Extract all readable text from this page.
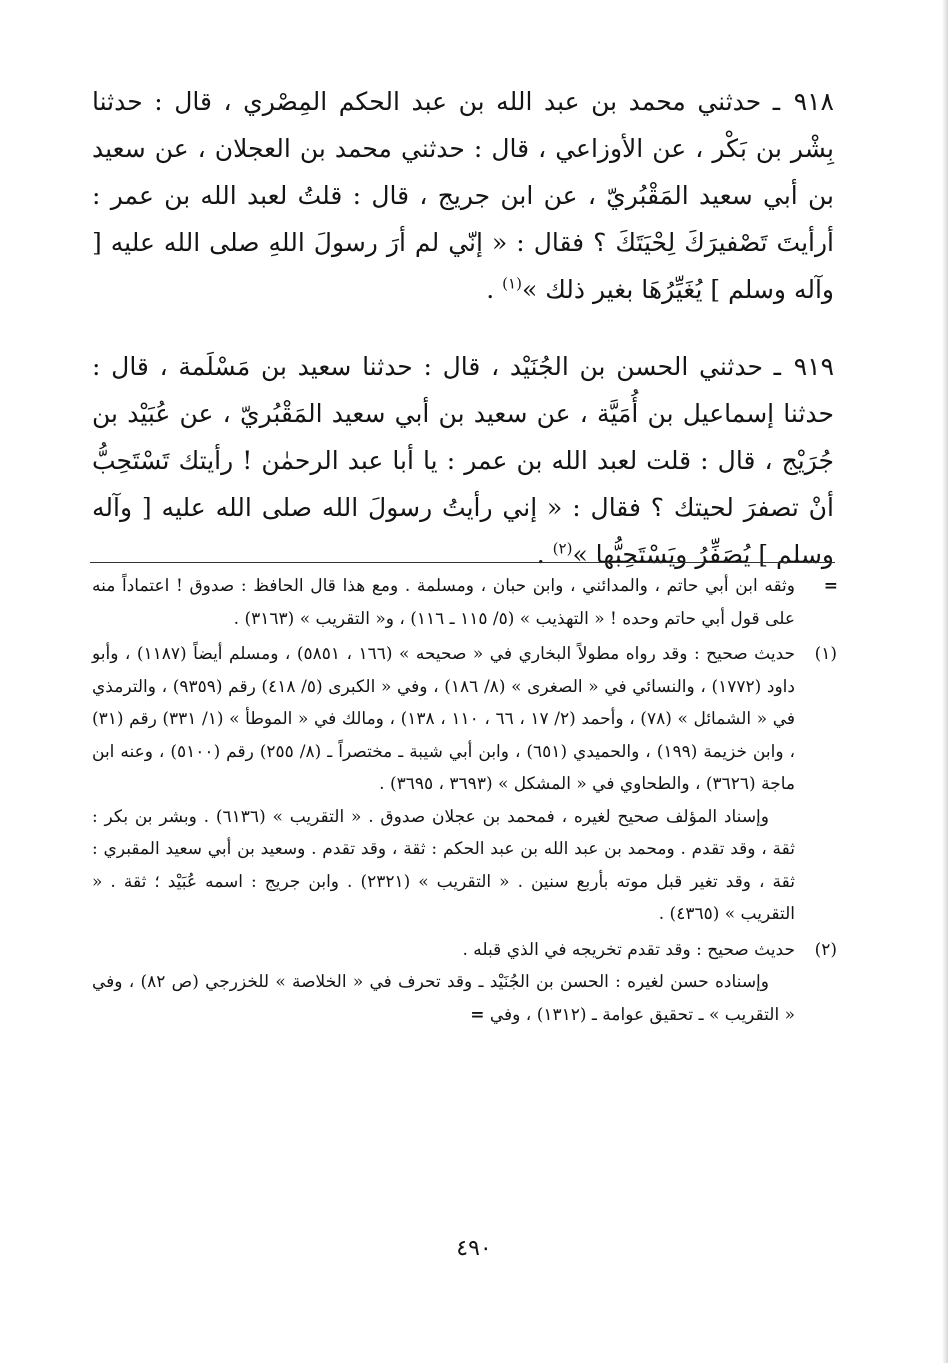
٩١٨ ـ حدثني محمد بن عبد الله بن عبد الحكم المِصْري ، قال : حدثنا بِشْر بن بَكْر ، عن الأوزاعي ، قال : حدثني محمد بن العجلان ، عن سعيد بن أبي سعيد المَقْبُريّ ، عن ابن جريج ، قال : قلتُ لعبد الله بن عمر : أرأيتَ تَصْفيرَكَ لِحْيَتَكَ ؟ فقال : « إنّي لم أرَ رسولَ اللهِ صلى الله عليه [ وآله وسلم ] يُغَيِّرُهَا بغير ذلك »$^{(١)}$ .

٩١٩ ـ حدثني الحسن بن الجُنَيْد ، قال : حدثنا سعيد بن مَسْلَمة ، قال : حدثنا إسماعيل بن أُمَيَّة ، عن سعيد بن أبي سعيد المَقْبُريّ ، عن عُبَيْد بن جُرَيْج ، قال : قلت لعبد الله بن عمر : يا أبا عبد الرحمٰن ! رأيتك تَسْتَحِبُّ أنْ تصفرَ لحيتك ؟ فقال : « إني رأيتُ رسولَ الله صلى الله عليه [ وآله وسلم ] يُصَفِّرُ ويَسْتَحِبُّها »$^{(٢)}$ .

=

وثقه ابن أبي حاتم ، والمدائني ، وابن حبان ، ومسلمة . ومع هذا قال الحافظ : صدوق ! اعتماداً منه على قول أبي حاتم وحده ! « التهذيب » (٥/ ١١٥ ـ ١١٦) ، و« التقريب » (٣١٦٣) .

(١)

حديث صحيح : وقد رواه مطولاً البخاري في « صحيحه » (١٦٦ ، ٥٨٥١) ، ومسلم أيضاً (١١٨٧) ، وأبو داود (١٧٧٢) ، والنسائي في « الصغرى » (٨/ ١٨٦) ، وفي « الكبرى (٥/ ٤١٨) رقم (٩٣٥٩) ، والترمذي في « الشمائل » (٧٨) ، وأحمد (٢/ ١٧ ، ٦٦ ، ١١٠ ، ١٣٨) ، ومالك في « الموطأ » (١/ ٣٣١) رقم (٣١) ، وابن خزيمة (١٩٩) ، والحميدي (٦٥١) ، وابن أبي شيبة ـ مختصراً ـ (٨/ ٢٥٥) رقم (٥١٠٠) ، وعنه ابن ماجة (٣٦٢٦) ، والطحاوي في « المشكل » (٣٦٩٣ ، ٣٦٩٥) .

وإسناد المؤلف صحيح لغيره ، فمحمد بن عجلان صدوق . « التقريب » (٦١٣٦) . وبشر بن بكر : ثقة ، وقد تقدم . ومحمد بن عبد الله بن عبد الحكم : ثقة ، وقد تقدم . وسعيد بن أبي سعيد المقبري : ثقة ، وقد تغير قبل موته بأربع سنين . « التقريب » (٢٣٢١) . وابن جريج : اسمه عُبَيْد ؛ ثقة . « التقريب » (٤٣٦٥) .

(٢)

حديث صحيح : وقد تقدم تخريجه في الذي قبله .

وإسناده حسن لغيره : الحسن بن الجُنَيْد ـ وقد تحرف في « الخلاصة » للخزرجي (ص ٨٢) ، وفي « التقريب » ـ تحقيق عوامة ـ (١٣١٢) ، وفي =

٤٩٠
